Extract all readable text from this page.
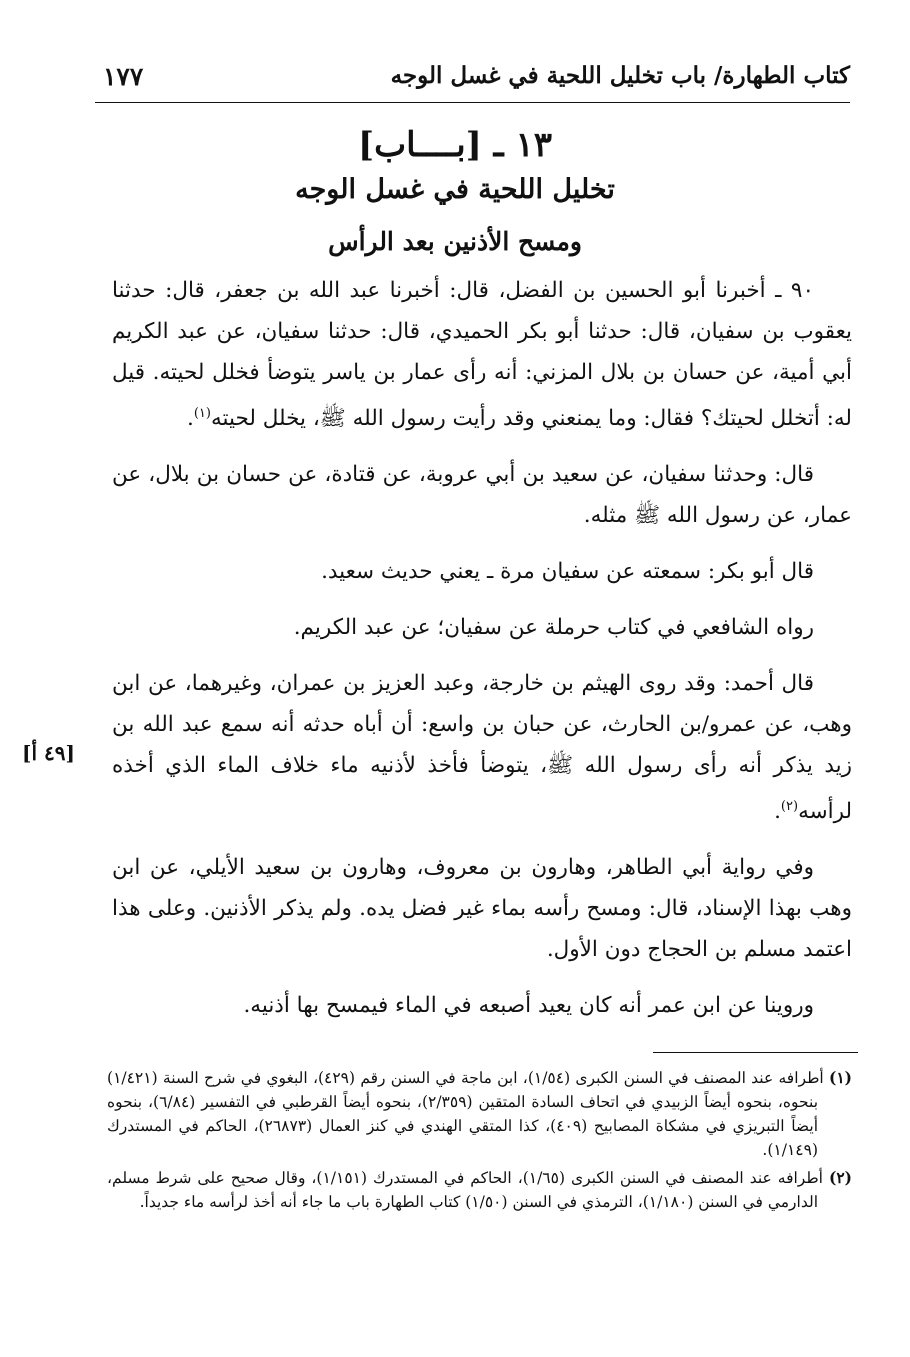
كتاب الطهارة/ باب تخليل اللحية في غسل الوجه
١٧٧
١٣ ـ [بــــاب]
تخليل اللحية في غسل الوجه
ومسح الأذنين بعد الرأس
[٤٩ أ]

٩٠ ـ أخبرنا أبو الحسين بن الفضل، قال: أخبرنا عبد الله بن جعفر، قال: حدثنا يعقوب بن سفيان، قال: حدثنا أبو بكر الحميدي، قال: حدثنا سفيان، عن عبد الكريم أبي أمية، عن حسان بن بلال المزني: أنه رأى عمار بن ياسر يتوضأ فخلل لحيته. قيل له: أتخلل لحيتك؟ فقال: وما يمنعني وقد رأيت رسول الله ﷺ، يخلل لحيته$^{(١)}$.

قال: وحدثنا سفيان، عن سعيد بن أبي عروبة، عن قتادة، عن حسان بن بلال، عن عمار، عن رسول الله ﷺ مثله.

قال أبو بكر: سمعته عن سفيان مرة ـ يعني حديث سعيد.

رواه الشافعي في كتاب حرملة عن سفيان؛ عن عبد الكريم.

قال أحمد: وقد روى الهيثم بن خارجة، وعبد العزيز بن عمران، وغيرهما، عن ابن وهب، عن عمرو/بن الحارث، عن حبان بن واسع: أن أباه حدثه أنه سمع عبد الله بن زيد يذكر أنه رأى رسول الله ﷺ، يتوضأ فأخذ لأذنيه ماء خلاف الماء الذي أخذه لرأسه$^{(٢)}$.

وفي رواية أبي الطاهر، وهارون بن معروف، وهارون بن سعيد الأيلي، عن ابن وهب بهذا الإسناد، قال: ومسح رأسه بماء غير فضل يده. ولم يذكر الأذنين. وعلى هذا اعتمد مسلم بن الحجاج دون الأول.

وروينا عن ابن عمر أنه كان يعيد أصبعه في الماء فيمسح بها أذنيه.

(١) أطرافه عند المصنف في السنن الكبرى (١/٥٤)، ابن ماجة في السنن رقم (٤٢٩)، البغوي في شرح السنة (١/٤٢١) بنحوه، بنحوه أيضاً الزبيدي في اتحاف السادة المتقين (٢/٣٥٩)، بنحوه أيضاً القرطبي في التفسير (٦/٨٤)، بنحوه أيضاً التبريزي في مشكاة المصابيح (٤٠٩)، كذا المتقي الهندي في كنز العمال (٢٦٨٧٣)، الحاكم في المستدرك (١/١٤٩).

(٢) أطرافه عند المصنف في السنن الكبرى (١/٦٥)، الحاكم في المستدرك (١/١٥١)، وقال صحيح على شرط مسلم، الدارمي في السنن (١/١٨٠)، الترمذي في السنن (١/٥٠) كتاب الطهارة باب ما جاء أنه أخذ لرأسه ماء جديداً.
